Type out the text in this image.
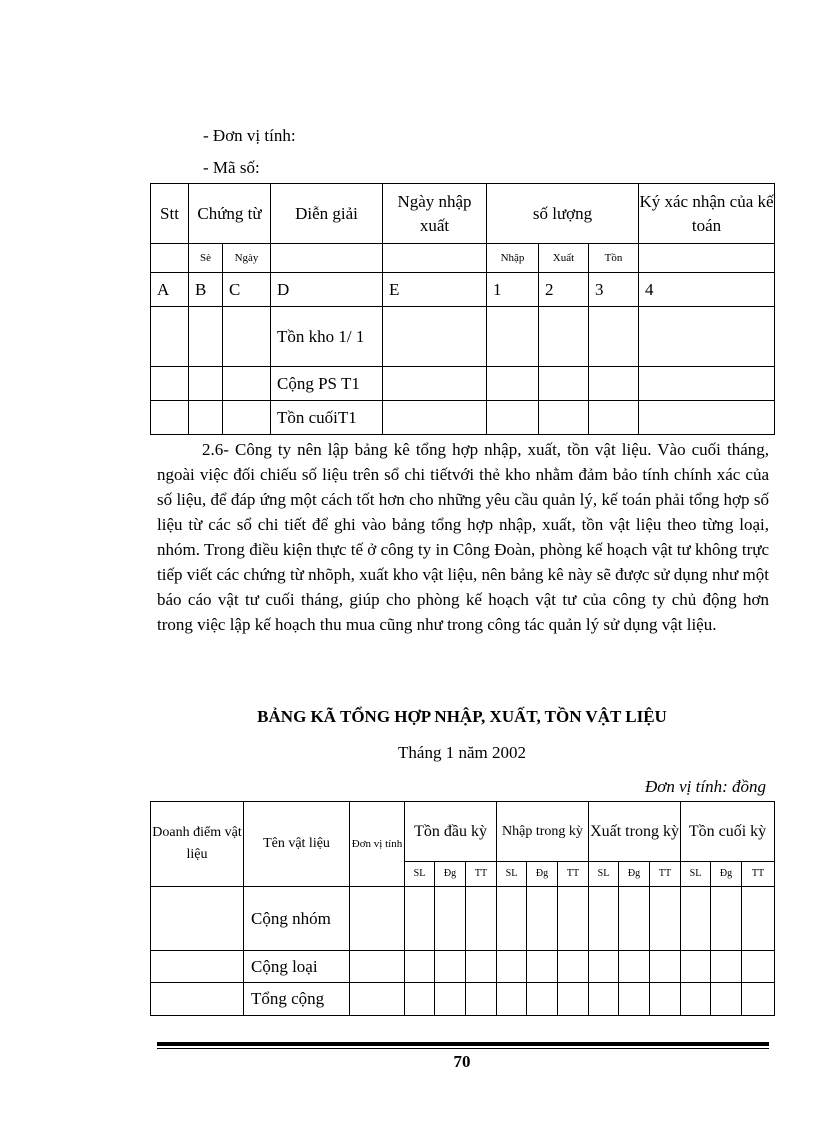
- Đơn vị tính:
- Mã số:
Stt	Chứng từ		Diễn giải	Ngày nhập xuất	số lượng			Ký xác nhận của kế toán
	Sè	Ngày			Nhập	Xuất	Tồn	
A	B	C	D	E	1	2	3	4
			Tồn kho 1/ 1					
			Cộng PS T1					
			Tồn cuốiT1					

2.6- Công ty nên lập bảng kê tổng hợp nhập, xuất, tồn vật liệu. Vào cuối tháng, ngoài việc đối chiếu số liệu trên sổ chi tiếtvới thẻ kho nhằm đảm bảo tính chính xác của số liệu, để đáp ứng một cách tốt hơn cho những yêu cầu quản lý, kế toán phải tổng hợp số liệu từ các sổ chi tiết để ghi vào bảng tổng hợp nhập, xuất, tồn vật liệu theo từng loại, nhóm. Trong điều kiện thực tế ở công ty in Công Đoàn, phòng kế hoạch vật tư không trực tiếp viết các chứng từ nhõph, xuất kho vật liệu, nên bảng kê này sẽ được sử dụng như một báo cáo vật tư cuối tháng, giúp cho phòng kế hoạch vật tư của công ty chủ động hơn trong việc lập kế hoạch thu mua cũng như trong công tác quản lý sử dụng vật liệu.

BẢNG KÃ TỔNG HỢP NHẬP, XUẤT, TỒN VẬT LIỆU
Tháng 1 năm 2002
Đơn vị tính: đồng
Doanh điểm vật liệu	Tên vật liệu	Đơn vị tính	Tồn đầu kỳ			Nhập trong kỳ			Xuất trong kỳ			Tồn cuối kỳ		
			SL	Đg	TT	SL	Đg	TT	SL	Đg	TT	SL	Đg	TT
	Cộng nhóm													
	Cộng loại													
	Tổng cộng													
70
